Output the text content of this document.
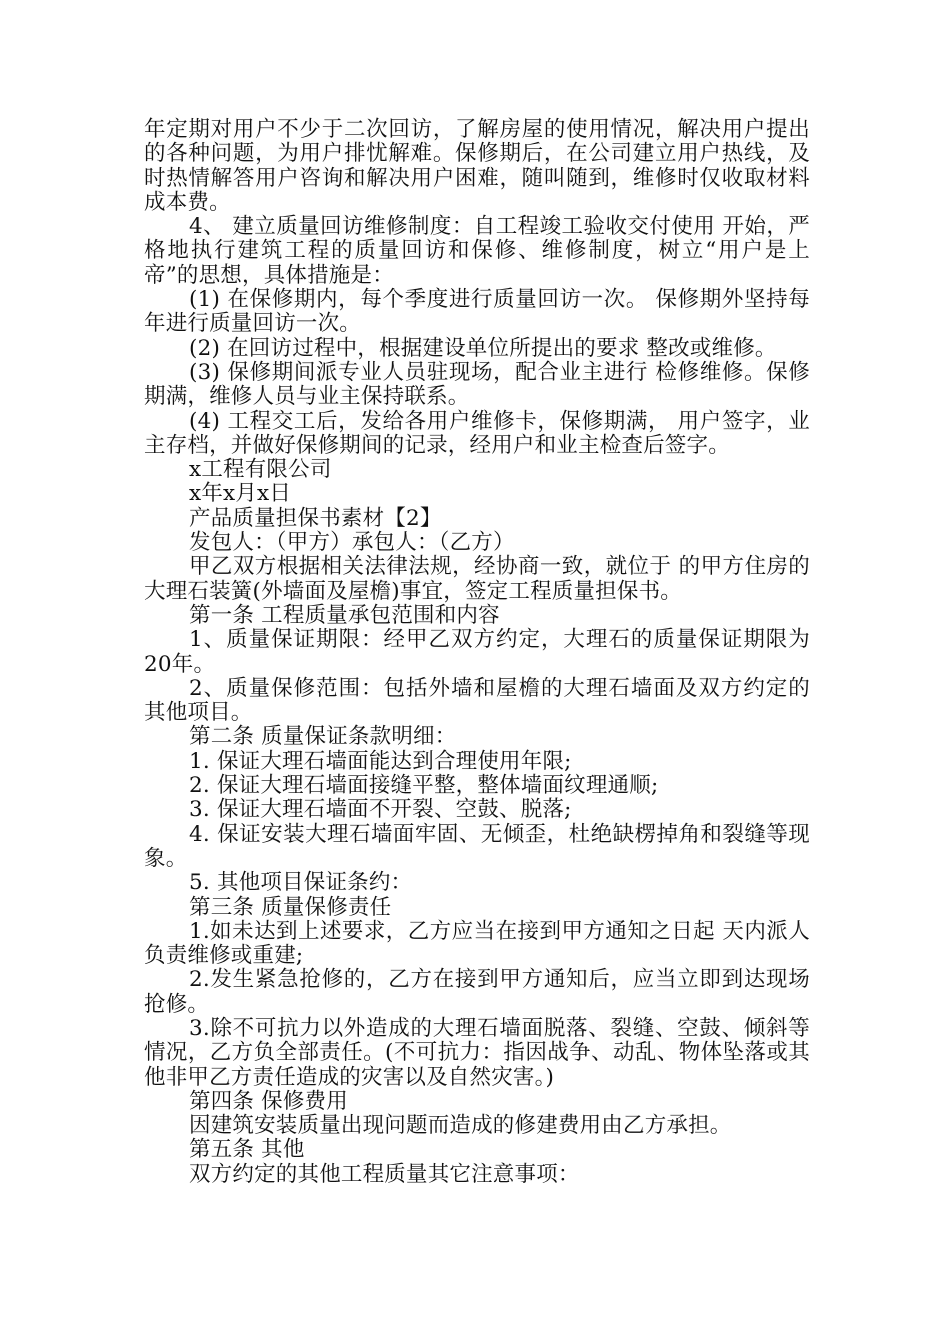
年定期对用户不少于二次回访，了解房屋的使用情况，解决用户提出的各种问题，为用户排忧解难。保修期后，在公司建立用户热线，及时热情解答用户咨询和解决用户困难，随叫随到，维修时仅收取材料成本费。

4、 建立质量回访维修制度：自工程竣工验收交付使用 开始，严格地执行建筑工程的质量回访和保修、维修制度，树立“用户是上帝”的思想，具体措施是：

(1) 在保修期内，每个季度进行质量回访一次。 保修期外坚持每年进行质量回访一次。

(2) 在回访过程中，根据建设单位所提出的要求 整改或维修。

(3) 保修期间派专业人员驻现场，配合业主进行 检修维修。保修期满，维修人员与业主保持联系。

(4) 工程交工后，发给各用户维修卡，保修期满， 用户签字，业主存档，并做好保修期间的记录，经用户和业主检查后签字。

x工程有限公司

x年x月x日

产品质量担保书素材【2】

发包人：（甲方）承包人：（乙方）

甲乙双方根据相关法律法规，经协商一致，就位于 的甲方住房的大理石装簧(外墙面及屋檐)事宜，签定工程质量担保书。

第一条 工程质量承包范围和内容

1、质量保证期限：经甲乙双方约定，大理石的质量保证期限为20年。

2、质量保修范围：包括外墙和屋檐的大理石墙面及双方约定的其他项目。

第二条 质量保证条款明细：

1. 保证大理石墙面能达到合理使用年限;

2. 保证大理石墙面接缝平整，整体墙面纹理通顺;

3. 保证大理石墙面不开裂、空鼓、脱落;

4. 保证安装大理石墙面牢固、无倾歪，杜绝缺楞掉角和裂缝等现象。

5. 其他项目保证条约：

第三条 质量保修责任

1.如未达到上述要求，乙方应当在接到甲方通知之日起 天内派人负责维修或重建;

2.发生紧急抢修的，乙方在接到甲方通知后，应当立即到达现场抢修。

3.除不可抗力以外造成的大理石墙面脱落、裂缝、空鼓、倾斜等情况，乙方负全部责任。(不可抗力：指因战争、动乱、物体坠落或其他非甲乙方责任造成的灾害以及自然灾害。)

第四条 保修费用

因建筑安装质量出现问题而造成的修建费用由乙方承担。

第五条 其他

双方约定的其他工程质量其它注意事项：
